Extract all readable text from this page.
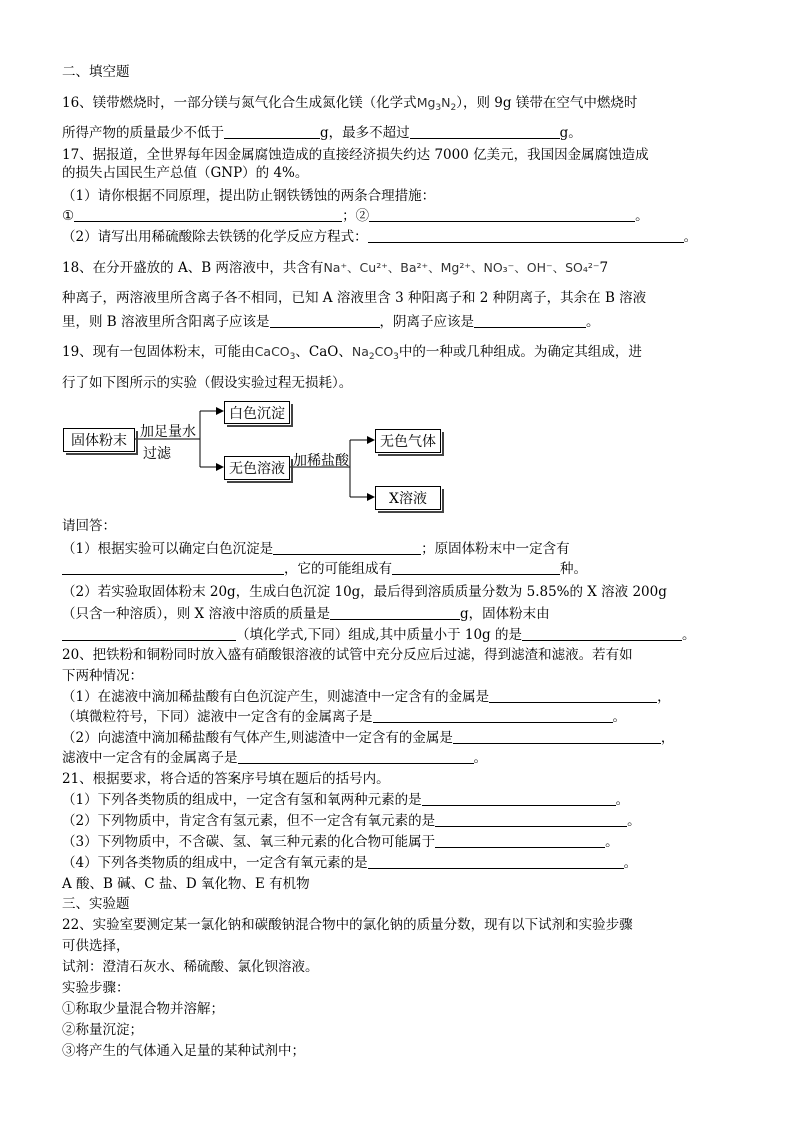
二、填空题
16、镁带燃烧时，一部分镁与氮气化合生成氮化镁（化学式$Mg_3N_2$），则 9g 镁带在空气中燃烧时
所得产物的质量最少不低于	g，最多不超过	g。
17、据报道，全世界每年因金属腐蚀造成的直接经济损失约达 7000 亿美元，我国因金属腐蚀造成
的损失占国民生产总值（GNP）的 4%。
（1）请你根据不同原理，提出防止钢铁锈蚀的两条合理措施：
①	；②	。
（2）请写出用稀硫酸除去铁锈的化学反应方程式：	。
18、在分开盛放的 A、B 两溶液中，共含有Na⁺、Cu²⁺、Ba²⁺、Mg²⁺、NO₃⁻、OH⁻、SO₄²⁻7
种离子，两溶液里所含离子各不相同，已知 A 溶液里含 3 种阳离子和 2 种阴离子，其余在 B 溶液
里，则 B 溶液里所含阳离子应该是	，阴离子应该是	。
19、现有一包固体粉末，可能由CaCO$_3$、CaO、$Na_2CO_3$中的一种或几种组成。为确定其组成，进
行了如下图所示的实验（假设实验过程无损耗）。
固体粉末
加足量水
过滤
白色沉淀
无色溶液 加稀盐酸
无色气体
X溶液
请回答：
（1）根据实验可以确定白色沉淀是	；原固体粉末中一定含有
，它的可能组成有	种。
（2）若实验取固体粉末 20g，生成白色沉淀 10g，最后得到溶质质量分数为 5.85%的 X 溶液 200g
（只含一种溶质），则 X 溶液中溶质的质量是	g，固体粉末由
（填化学式,下同）组成,其中质量小于 10g 的是	。
20、把铁粉和铜粉同时放入盛有硝酸银溶液的试管中充分反应后过滤，得到滤渣和滤液。若有如
下两种情况：
（1）在滤液中滴加稀盐酸有白色沉淀产生，则滤渣中一定含有的金属是	，
（填微粒符号，下同）滤液中一定含有的金属离子是	。
（2）向滤渣中滴加稀盐酸有气体产生,则滤渣中一定含有的金属是	，
滤液中一定含有的金属离子是	。
21、根据要求，将合适的答案序号填在题后的括号内。
（1）下列各类物质的组成中，一定含有氢和氧两种元素的是	。
（2）下列物质中，肯定含有氢元素，但不一定含有氧元素的是	。
（3）下列物质中，不含碳、氢、氧三种元素的化合物可能属于	。
（4）下列各类物质的组成中，一定含有氧元素的是	。
A 酸、B 碱、C 盐、D 氧化物、E 有机物
三、实验题
22、实验室要测定某一氯化钠和碳酸钠混合物中的氯化钠的质量分数，现有以下试剂和实验步骤
可供选择，
试剂：澄清石灰水、稀硫酸、氯化钡溶液。
实验步骤：
①称取少量混合物并溶解；
②称量沉淀；
③将产生的气体通入足量的某种试剂中；
